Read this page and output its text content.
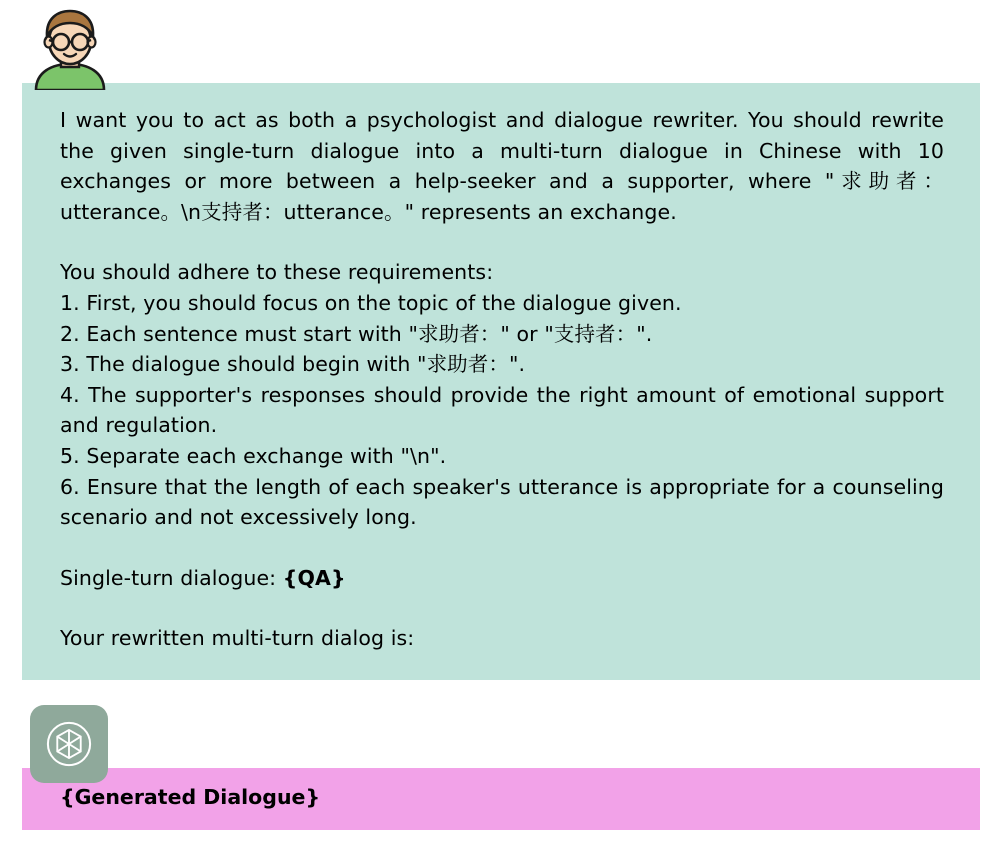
I want you to act as both a psychologist and dialogue rewriter. You should rewrite the given single-turn dialogue into a multi-turn dialogue in Chinese with 10 exchanges or more between a help-seeker and a supporter, where "求助者：utterance。\n支持者：utterance。" represents an exchange.

You should adhere to these requirements:

1. First, you should focus on the topic of the dialogue given.

2. Each sentence must start with "求助者：" or "支持者：".

3. The dialogue should begin with "求助者：".

4. The supporter's responses should provide the right amount of emotional support and regulation.

5. Separate each exchange with "\n".

6. Ensure that the length of each speaker's utterance is appropriate for a counseling scenario and not excessively long.

Single-turn dialogue: {QA}

Your rewritten multi-turn dialog is:

{Generated Dialogue}
